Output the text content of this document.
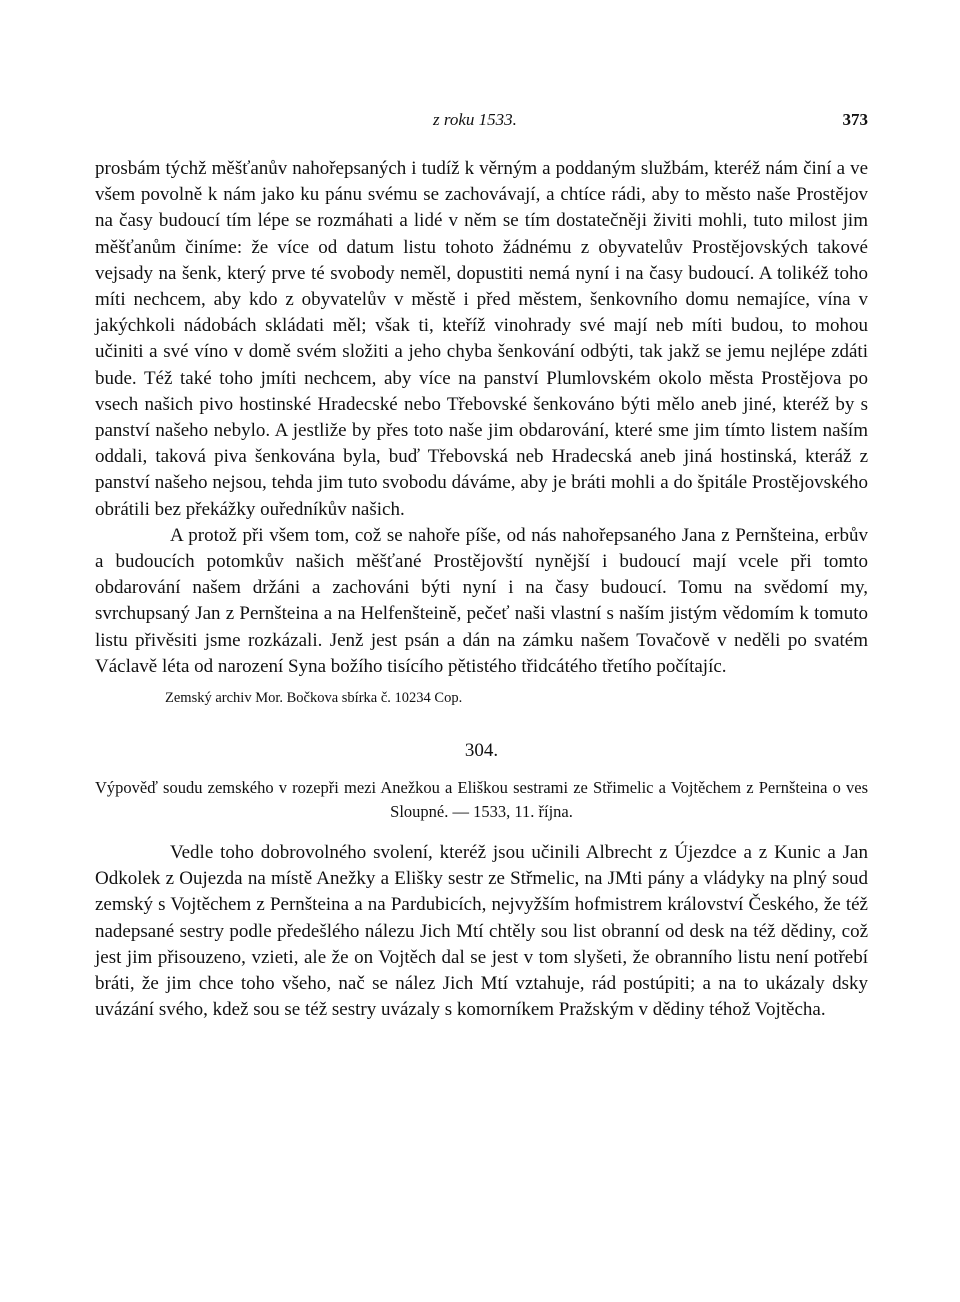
z roku 1533.	373

prosbám týchž měšťanův nahořepsaných i tudíž k věrným a poddaným službám, kteréž nám činí a ve všem povolně k nám jako ku pánu svému se zachovávají, a chtíce rádi, aby to město naše Prostějov na časy budoucí tím lépe se rozmáhati a lidé v něm se tím dostatečněji živiti mohli, tuto milost jim měšťanům činíme: že více od datum listu tohoto žádnému z obyvatelův Prostějovských takové vejsady na šenk, který prve té svobody neměl, dopustiti nemá nyní i na časy budoucí. A tolikéž toho míti nechcem, aby kdo z obyvatelův v městě i před městem, šenkovního domu nemajíce, vína v jakýchkoli nádobách skládati měl; však ti, kteříž vinohrady své mají neb míti budou, to mohou učiniti a své víno v domě svém složiti a jeho chyba šenkování odbýti, tak jakž se jemu nejlépe zdáti bude. Též také toho jmíti nechcem, aby více na panství Plumlovském okolo města Prostějova po vsech našich pivo hostinské Hradecské nebo Třebovské šenkováno býti mělo aneb jiné, kteréž by s panství našeho nebylo. A jestliže by přes toto naše jim obdarování, které sme jim tímto listem naším oddali, taková piva šenkována byla, buď Třebovská neb Hradecská aneb jiná hostinská, kteráž z panství našeho nejsou, tehda jim tuto svobodu dáváme, aby je bráti mohli a do špitále Prostějovského obrátili bez překážky ouředníkův našich.

A protož při všem tom, což se nahoře píše, od nás nahořepsaného Jana z Pernšteina, erbův a budoucích potomkův našich měšťané Prostějovští nynější i budoucí mají vcele při tomto obdarování našem držáni a zachováni býti nyní i na časy budoucí. Tomu na svědomí my, svrchupsaný Jan z Pernšteina a na Helfenšteině, pečeť naši vlastní s naším jistým vědomím k tomuto listu přivěsiti jsme rozkázali. Jenž jest psán a dán na zámku našem Tovačově v neděli po svatém Václavě léta od narození Syna božího tisícího pětistého třidcátého třetího počítajíc.

Zemský archiv Mor. Bočkova sbírka č. 10234 Cop.

304.

Výpověď soudu zemského v rozepři mezi Anežkou a Eliškou sestrami ze Střimelic a Vojtěchem z Pernšteina o ves Sloupné. — 1533, 11. října.

Vedle toho dobrovolného svolení, kteréž jsou učinili Albrecht z Újezdce a z Kunic a Jan Odkolek z Oujezda na místě Anežky a Elišky sestr ze Střmelic, na JMti pány a vládyky na plný soud zemský s Vojtěchem z Pernšteina a na Pardubicích, nejvyžším hofmistrem království Českého, že též nadepsané sestry podle předešlého nálezu Jich Mtí chtěly sou list obranní od desk na též dědiny, což jest jim přisouzeno, vzieti, ale že on Vojtěch dal se jest v tom slyšeti, že obranního listu není potřebí bráti, že jim chce toho všeho, nač se nález Jich Mtí vztahuje, rád postúpiti; a na to ukázaly dsky uvázání svého, kdež sou se též sestry uvázaly s komorníkem Pražským v dědiny téhož Vojtěcha.
